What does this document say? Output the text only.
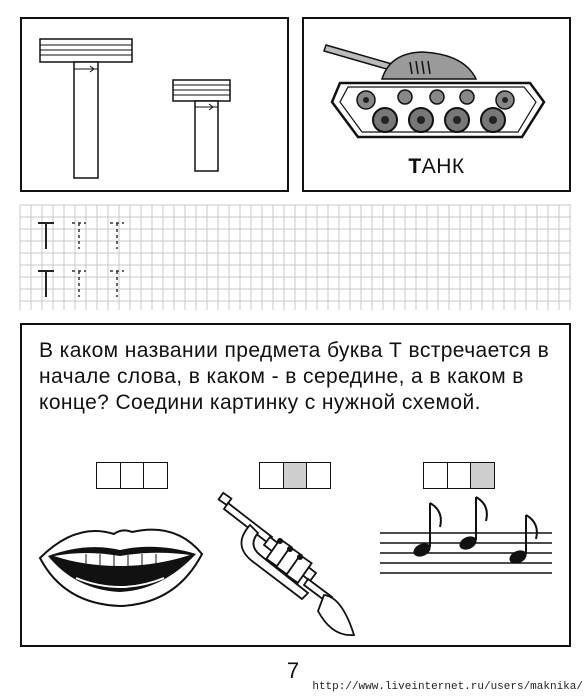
ТАНК

В каком названии предмета буква Т встречается в начале слова, в каком - в середине, а в каком в конце? Соедини картинку с нужной схемой.

7
http://www.liveinternet.ru/users/maknika/
